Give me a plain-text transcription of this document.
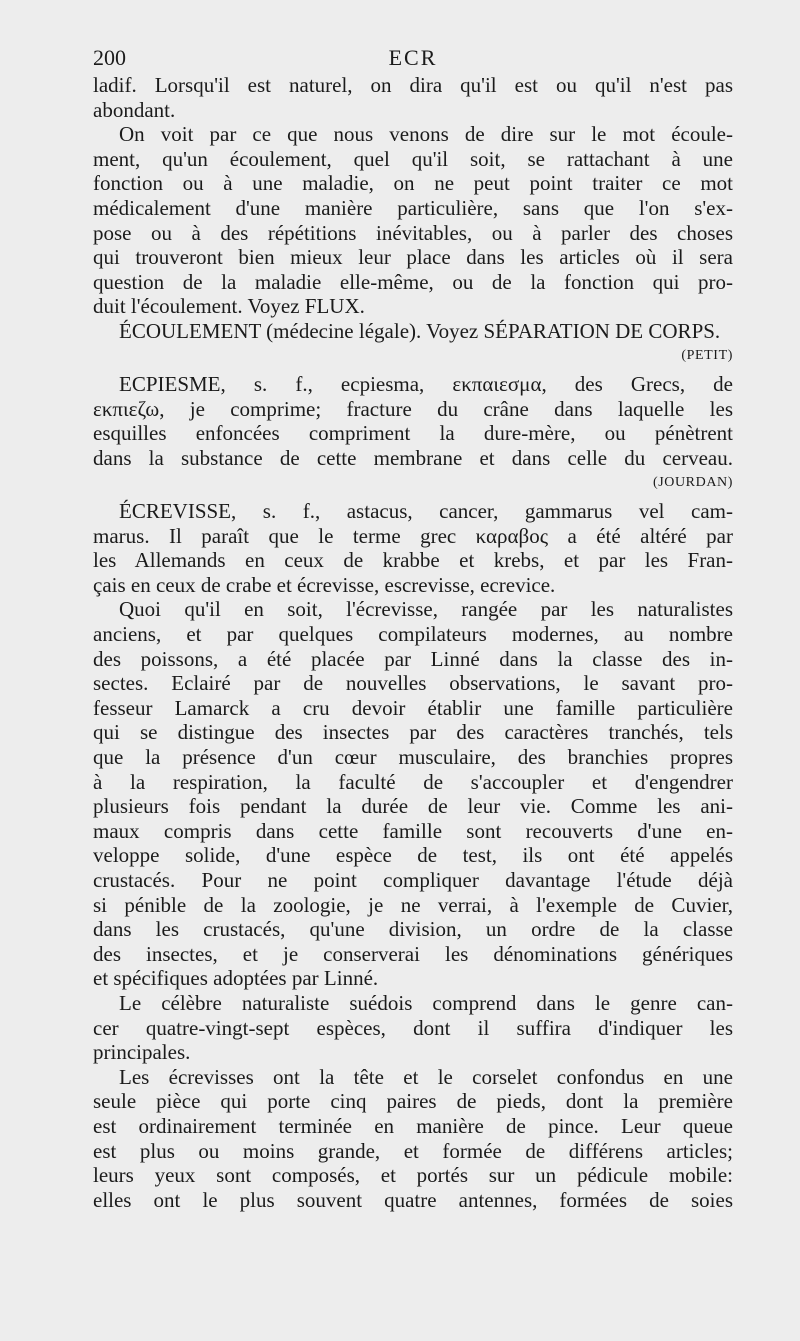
200	ECR

ladif. Lorsqu'il est naturel, on dira qu'il est ou qu'il n'est pas

abondant.

On voit par ce que nous venons de dire sur le mot écoule-

ment, qu'un écoulement, quel qu'il soit, se rattachant à une

fonction ou à une maladie, on ne peut point traiter ce mot

médicalement d'une manière particulière, sans que l'on s'ex-

pose ou à des répétitions inévitables, ou à parler des choses

qui trouveront bien mieux leur place dans les articles où il sera

question de la maladie elle-même, ou de la fonction qui pro-

duit l'écoulement. Voyez FLUX.

ÉCOULEMENT (médecine légale). Voyez SÉPARATION DE CORPS.

(PETIT)

ECPIESME, s. f., ecpiesma, εκπαιεσμα, des Grecs, de

εκπιεζω, je comprime; fracture du crâne dans laquelle les

esquilles enfoncées compriment la dure-mère, ou pénètrent

dans la substance de cette membrane et dans celle du cerveau.

(JOURDAN)

ÉCREVISSE, s. f., astacus, cancer, gammarus vel cam-

marus. Il paraît que le terme grec καραβος a été altéré par

les Allemands en ceux de krabbe et krebs, et par les Fran-

çais en ceux de crabe et écrevisse, escrevisse, ecrevice.

Quoi qu'il en soit, l'écrevisse, rangée par les naturalistes

anciens, et par quelques compilateurs modernes, au nombre

des poissons, a été placée par Linné dans la classe des in-

sectes. Eclairé par de nouvelles observations, le savant pro-

fesseur Lamarck a cru devoir établir une famille particulière

qui se distingue des insectes par des caractères tranchés, tels

que la présence d'un cœur musculaire, des branchies propres

à la respiration, la faculté de s'accoupler et d'engendrer

plusieurs fois pendant la durée de leur vie. Comme les ani-

maux compris dans cette famille sont recouverts d'une en-

veloppe solide, d'une espèce de test, ils ont été appelés

crustacés. Pour ne point compliquer davantage l'étude déjà

si pénible de la zoologie, je ne verrai, à l'exemple de Cuvier,

dans les crustacés, qu'une division, un ordre de la classe

des insectes, et je conserverai les dénominations génériques

et spécifiques adoptées par Linné.

Le célèbre naturaliste suédois comprend dans le genre can-

cer quatre-vingt-sept espèces, dont il suffira d'indiquer les

principales.

Les écrevisses ont la tête et le corselet confondus en une

seule pièce qui porte cinq paires de pieds, dont la première

est ordinairement terminée en manière de pince. Leur queue

est plus ou moins grande, et formée de différens articles;

leurs yeux sont composés, et portés sur un pédicule mobile:

elles ont le plus souvent quatre antennes, formées de soies
